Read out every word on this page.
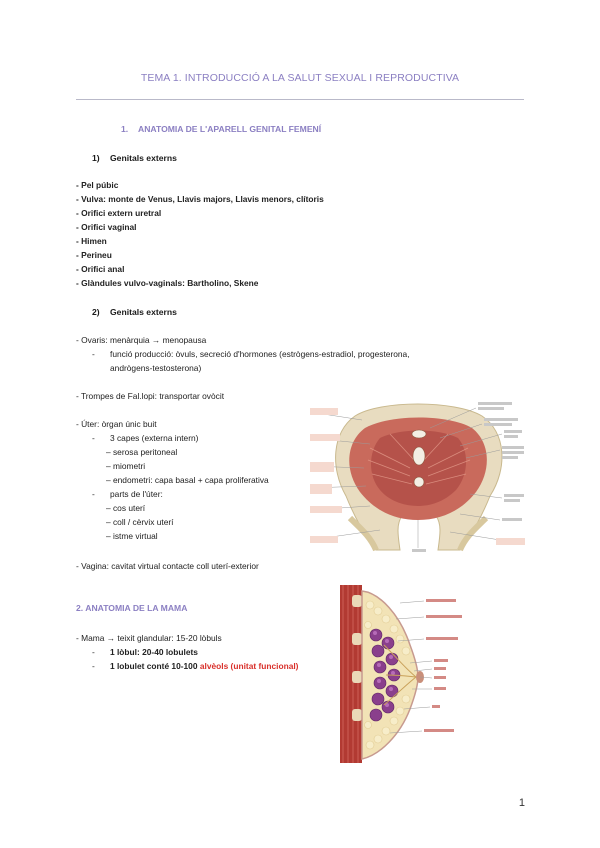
TEMA 1. INTRODUCCIÓ A LA SALUT SEXUAL I REPRODUCTIVA
1. ANATOMIA DE L'APARELL GENITAL FEMENÍ
1) Genitals externs
- Pel púbic
- Vulva: monte de Venus, Llavis majors, Llavis menors, clítoris
- Orifici extern uretral
- Orifici vaginal
- Himen
- Perineu
- Orifici anal
- Glàndules vulvo-vaginals: Bartholino, Skene
2) Genitals externs
- Ovaris: menàrquia → menopausa
- funció producció: òvuls, secreció d'hormones (estrògens-estradiol, progesterona,
andrògens-testosterona)
- Trompes de Fal.lopi: transportar ovòcit
- Úter: òrgan únic buit
- 3 capes (externa intern)
– serosa peritoneal
– miometri
– endometri: capa basal + capa proliferativa
- parts de l'úter:
– cos uterí
– coll / cèrvix uterí
– istme virtual
- Vagina: cavitat virtual contacte coll uterí-exterior
2. ANATOMIA DE LA MAMA
- Mama → teixit glandular: 15-20 lòbuls
- 1 lòbul: 20-40 lobulets
- 1 lobulet conté 10-100 alvèols (unitat funcional)
1
